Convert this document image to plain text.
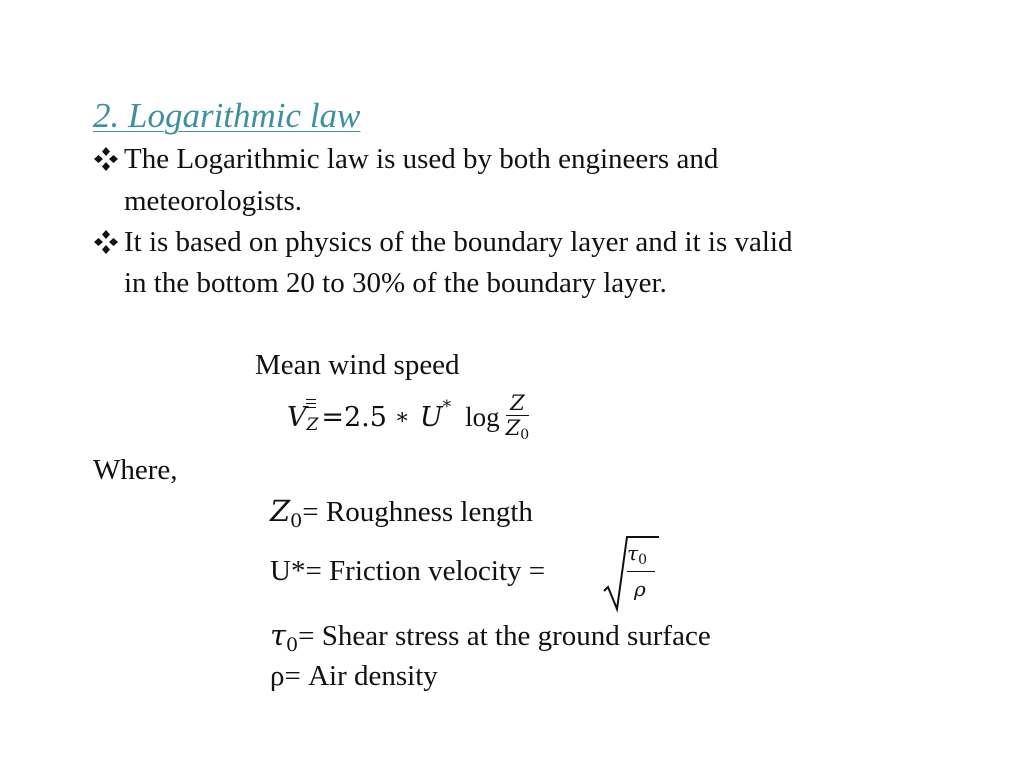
2. Logarithmic law
The Logarithmic law is used by both engineers and
meteorologists.
It is based on physics of the boundary layer and it is valid
in the bottom 20 to 30% of the boundary layer.
Mean wind speed
VZ = 2.5 ∗ U * $\log \frac{Z}{Z0}$
Where,
$Z_0=$ Roughness length
U*= Friction velocity =
$\tau_0$
ρ
$\tau_0=$ Shear stress at the ground surface
ρ= Air density
